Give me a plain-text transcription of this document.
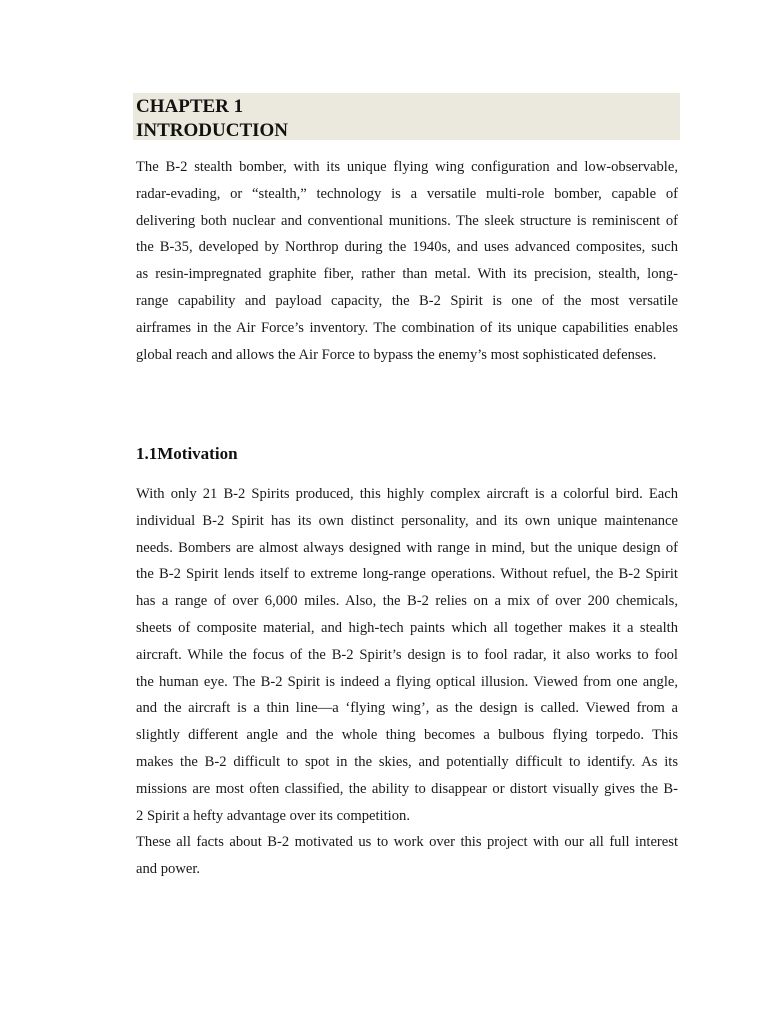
CHAPTER 1
INTRODUCTION

The B-2 stealth bomber, with its unique flying wing configuration and low-observable,
radar-evading, or “stealth,” technology is a versatile multi-role bomber, capable of
delivering both nuclear and conventional munitions. The sleek structure is reminiscent of
the B-35, developed by Northrop during the 1940s, and uses advanced composites, such
as resin-impregnated graphite fiber, rather than metal. With its precision, stealth, long-
range capability and payload capacity, the B-2 Spirit is one of the most versatile
airframes in the Air Force’s inventory. The combination of its unique capabilities enables
global reach and allows the Air Force to bypass the enemy’s most sophisticated defenses.

1.1Motivation

With only 21 B-2 Spirits produced, this highly complex aircraft is a colorful bird. Each
individual B-2 Spirit has its own distinct personality, and its own unique maintenance
needs. Bombers are almost always designed with range in mind, but the unique design of
the B-2 Spirit lends itself to extreme long-range operations. Without refuel, the B-2 Spirit
has a range of over 6,000 miles. Also, the B-2 relies on a mix of over 200 chemicals,
sheets of composite material, and high-tech paints which all together makes it a stealth
aircraft. While the focus of the B-2 Spirit’s design is to fool radar, it also works to fool
the human eye. The B-2 Spirit is indeed a flying optical illusion. Viewed from one angle,
and the aircraft is a thin line—a ‘flying wing’, as the design is called. Viewed from a
slightly different angle and the whole thing becomes a bulbous flying torpedo. This
makes the B-2 difficult to spot in the skies, and potentially difficult to identify. As its
missions are most often classified, the ability to disappear or distort visually gives the B-
2 Spirit a hefty advantage over its competition.

These all facts about B-2 motivated us to work over this project with our all full interest
and power.
